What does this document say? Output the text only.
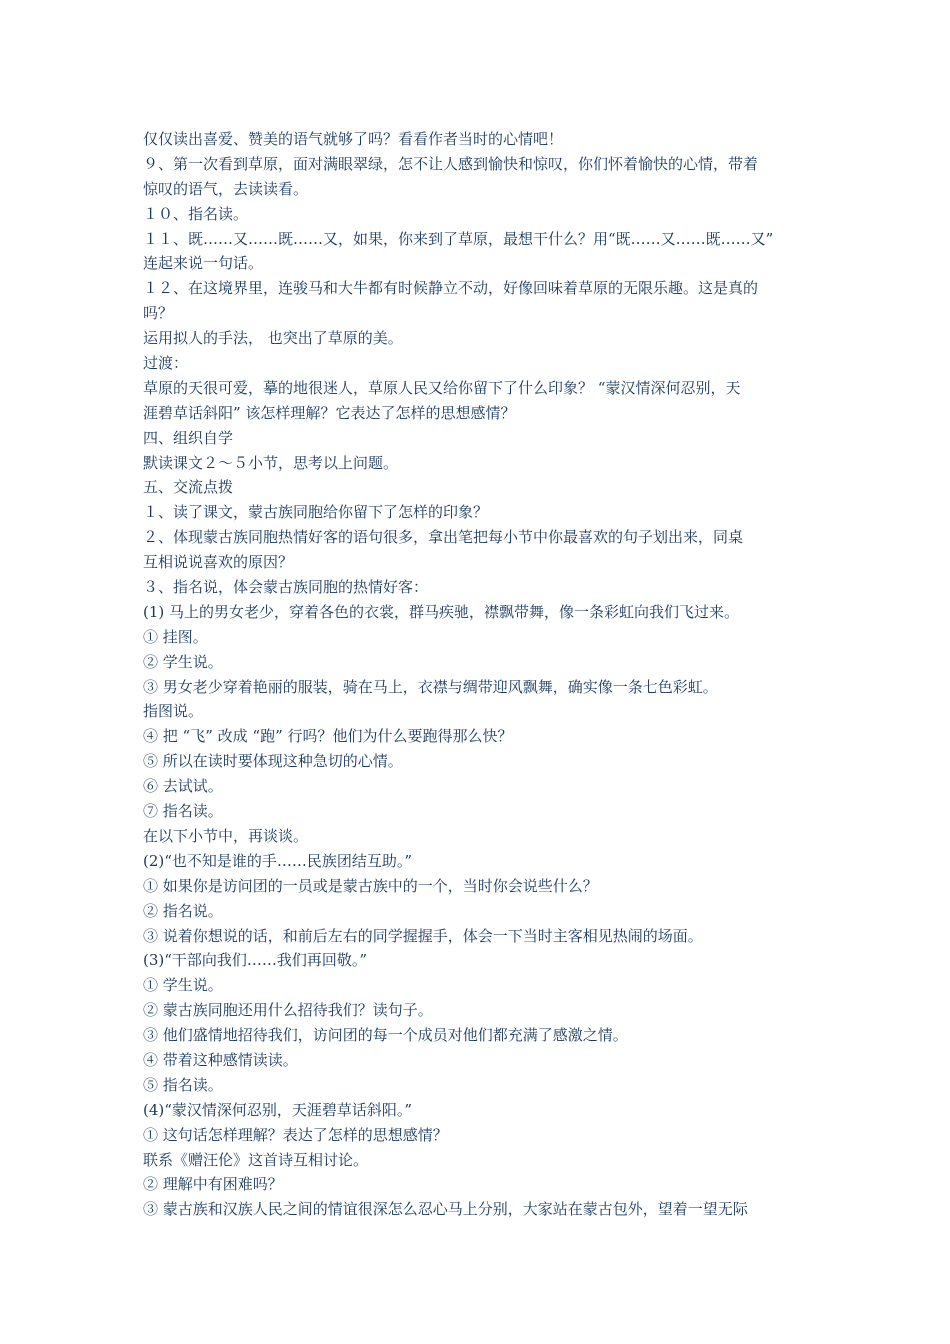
仅仅读出喜爱、赞美的语气就够了吗？看看作者当时的心情吧！
９、第一次看到草原，面对满眼翠绿，怎不让人感到愉快和惊叹，你们怀着愉快的心情，带着
惊叹的语气，去读读看。
１０、指名读。
１１、既……又……既……又，如果，你来到了草原，最想干什么？用“既……又……既……又”
连起来说一句话。
１２、在这境界里，连骏马和大牛都有时候静立不动，好像回味着草原的无限乐趣。这是真的
吗？
运用拟人的手法， 也突出了草原的美。
过渡：
草原的天很可爱，摹的地很迷人，草原人民又给你留下了什么印象？ “蒙汉情深何忍别，天
涯碧草话斜阳” 该怎样理解？它表达了怎样的思想感情？
四、组织自学
默读课文２～５小节，思考以上问题。
五、交流点拨
１、读了课文，蒙古族同胞给你留下了怎样的印象？
２、体现蒙古族同胞热情好客的语句很多，拿出笔把每小节中你最喜欢的句子划出来，同桌
互相说说喜欢的原因？
３、指名说，体会蒙古族同胞的热情好客：
(1) 马上的男女老少，穿着各色的衣裳，群马疾驰，襟飘带舞，像一条彩虹向我们飞过来。
① 挂图。
② 学生说。
③ 男女老少穿着艳丽的服装，骑在马上，衣襟与绸带迎风飘舞，确实像一条七色彩虹。
指图说。
④ 把 “飞” 改成 “跑” 行吗？他们为什么要跑得那么快？
⑤ 所以在读时要体现这种急切的心情。
⑥ 去试试。
⑦ 指名读。
在以下小节中，再谈谈。
(2)“也不知是谁的手……民族团结互助。”
① 如果你是访问团的一员或是蒙古族中的一个，当时你会说些什么？
② 指名说。
③ 说着你想说的话，和前后左右的同学握握手，体会一下当时主客相见热闹的场面。
(3)“干部向我们……我们再回敬。”
① 学生说。
② 蒙古族同胞还用什么招待我们？读句子。
③ 他们盛情地招待我们，访问团的每一个成员对他们都充满了感激之情。
④ 带着这种感情读读。
⑤ 指名读。
(4)“蒙汉情深何忍别，天涯碧草话斜阳。”
① 这句话怎样理解？表达了怎样的思想感情？
联系《赠汪伦》这首诗互相讨论。
② 理解中有困难吗？
③ 蒙古族和汉族人民之间的情谊很深怎么忍心马上分别，大家站在蒙古包外，望着一望无际
